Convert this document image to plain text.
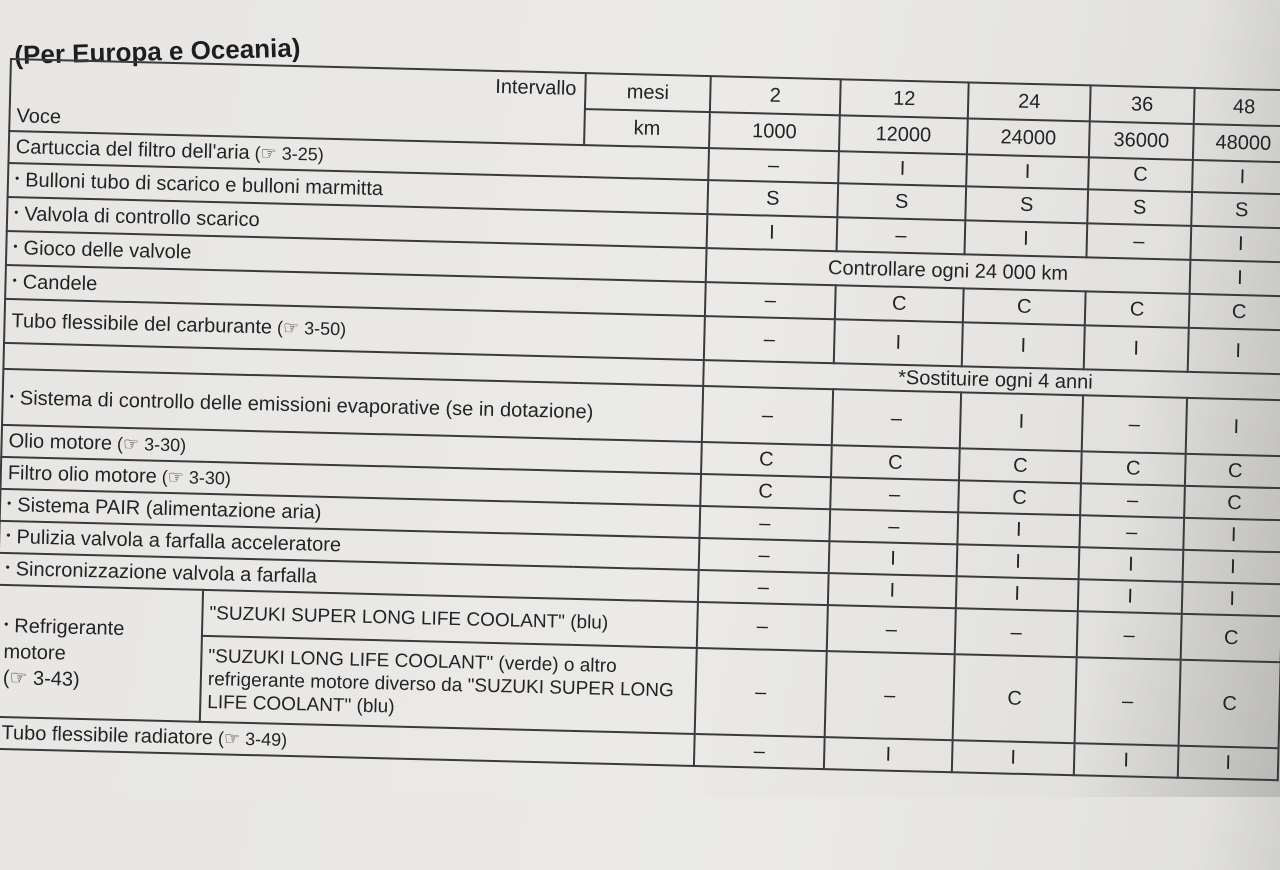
(Per Europa e Oceania)
Intervallo
Voce		mesi	2	12	24	36	48
		km	1000	12000	24000	36000	48000
Cartuccia del filtro dell'aria (☞ 3-25)			–	I	I	C	I
• Bulloni tubo di scarico e bulloni marmitta			S	S	S	S	S
• Valvola di controllo scarico			I	–	I	–	I
• Gioco delle valvole			Controllare ogni 24 000 km				I
• Candele			–	C	C	C	C
Tubo flessibile del carburante (☞ 3-50)			–	I	I	I	I
			*Sostituire ogni 4 anni				
• Sistema di controllo delle emissioni evaporative (se in dotazione)			–	–	I	–	I
Olio motore (☞ 3-30)			C	C	C	C	C
Filtro olio motore (☞ 3-30)			C	–	C	–	C
• Sistema PAIR (alimentazione aria)			–	–	I	–	I
• Pulizia valvola a farfalla acceleratore			–	I	I	I	I
• Sincronizzazione valvola a farfalla			–	I	I	I	I
• Refrigerante
motore
(☞ 3-43)	"SUZUKI SUPER LONG LIFE COOLANT" (blu)		–	–	–	–	C
	"SUZUKI LONG LIFE COOLANT" (verde) o altro refrigerante motore diverso da "SUZUKI SUPER LONG LIFE COOLANT" (blu)		–	–	C	–	C
Tubo flessibile radiatore (☞ 3-49)			–	I	I	I	I
